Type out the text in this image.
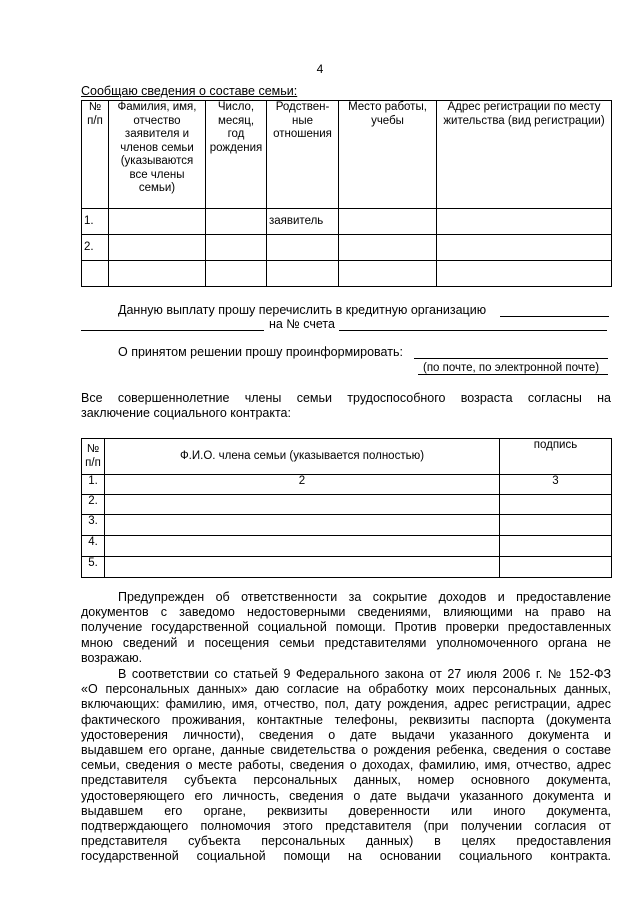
4
Сообщаю сведения о составе семьи:
№ п/п	Фамилия, имя, отчество заявителя и членов семьи (указываются все члены семьи)	Число, месяц, год рождения	Родствен-ные отношения	Место работы, учебы	Адрес регистрации по месту жительства (вид регистрации)
1.			заявитель		
2.					

Данную выплату прошу перечислить в кредитную организацию
на № счета
О принятом решении прошу проинформировать:
(по почте, по электронной почте)
Все совершеннолетние члены семьи трудоспособного возраста согласны на
заключение социального контракта:
№ п/п	Ф.И.О. члена семьи (указывается полностью)	подпись
1.	2	3
2.		
3.		
4.		
5.		
Предупрежден об ответственности за сокрытие доходов и предоставление
документов с заведомо недостоверными сведениями, влияющими на право на
получение государственной социальной помощи. Против проверки предоставленных
мною сведений и посещения семьи представителями уполномоченного органа не
возражаю.
В соответствии со статьей 9 Федерального закона от 27 июля 2006 г. № 152-ФЗ
«О персональных данных» даю согласие на обработку моих персональных данных,
включающих: фамилию, имя, отчество, пол, дату рождения, адрес регистрации, адрес
фактического проживания, контактные телефоны, реквизиты паспорта (документа
удостоверения личности), сведения о дате выдачи указанного документа и
выдавшем его органе, данные свидетельства о рождения ребенка, сведения о составе
семьи, сведения о месте работы, сведения о доходах, фамилию, имя, отчество, адрес
представителя субъекта персональных данных, номер основного документа,
удостоверяющего его личность, сведения о дате выдачи указанного документа и
выдавшем его органе, реквизиты доверенности или иного документа,
подтверждающего полномочия этого представителя (при получении согласия от
представителя субъекта персональных данных) в целях предоставления
государственной социальной помощи на основании социального контракта.
